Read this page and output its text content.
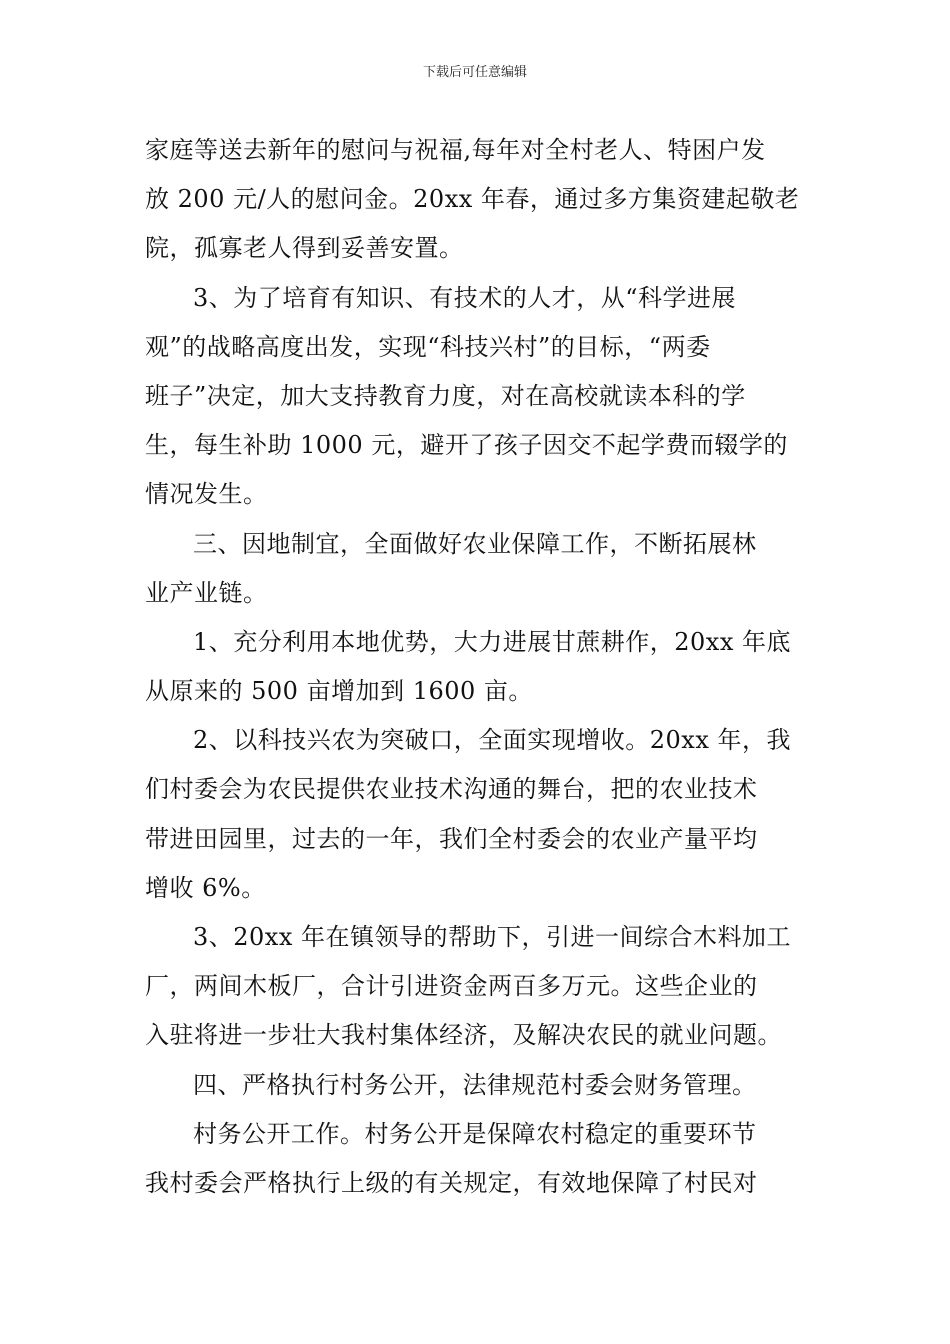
下载后可任意编辑
家庭等送去新年的慰问与祝福,每年对全村老人、特困户发
放 200 元/人的慰问金。20xx 年春，通过多方集资建起敬老
院，孤寡老人得到妥善安置。
3、为了培育有知识、有技术的人才，从“科学进展
观”的战略高度出发，实现“科技兴村”的目标，“两委
班子”决定，加大支持教育力度，对在高校就读本科的学
生，每生补助 1000 元，避开了孩子因交不起学费而辍学的
情况发生。
三、因地制宜，全面做好农业保障工作，不断拓展林
业产业链。
1、充分利用本地优势，大力进展甘蔗耕作，20xx 年底
从原来的 500 亩增加到 1600 亩。
2、以科技兴农为突破口，全面实现增收。20xx 年，我
们村委会为农民提供农业技术沟通的舞台，把的农业技术
带进田园里，过去的一年，我们全村委会的农业产量平均
增收 6%。
3、20xx 年在镇领导的帮助下，引进一间综合木料加工
厂，两间木板厂，合计引进资金两百多万元。这些企业的
入驻将进一步壮大我村集体经济，及解决农民的就业问题。
四、严格执行村务公开，法律规范村委会财务管理。
村务公开工作。村务公开是保障农村稳定的重要环节
我村委会严格执行上级的有关规定，有效地保障了村民对
